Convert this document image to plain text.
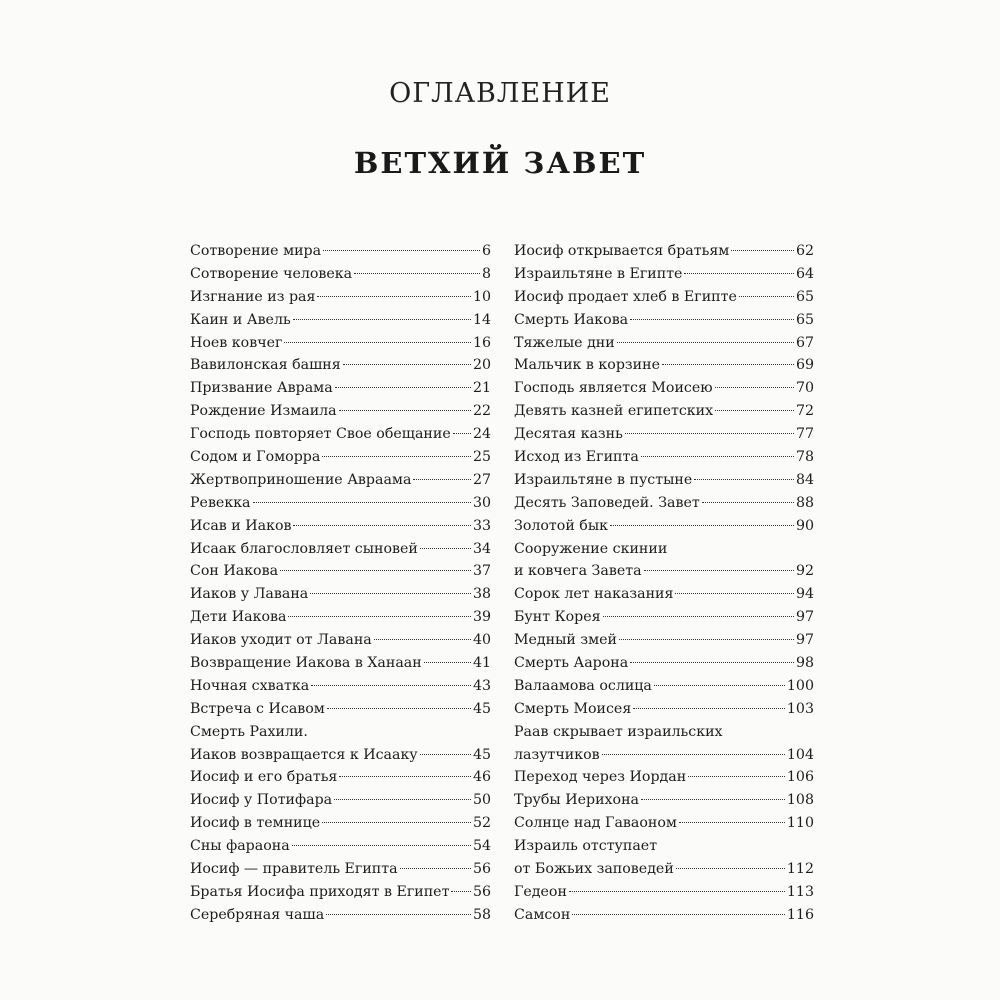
ОГЛАВЛЕНИЕ
ВЕТХИЙ ЗАВЕТ
Сотворение мира	6
Сотворение человека	8
Изгнание из рая	10
Каин и Авель	14
Ноев ковчег	16
Вавилонская башня	20
Призвание Аврама	21
Рождение Измаила	22
Господь повторяет Свое обещание 24
Содом и Гоморра	25
Жертвоприношение Авраама	27
Ревекка	30
Исав и Иаков	33
Исаак благословляет сыновей	34
Сон Иакова	37
Иаков у Лавана	38
Дети Иакова	39
Иаков уходит от Лавана	40
Возвращение Иакова в Ханаан	41
Ночная схватка	43
Встреча с Исавом	45
Смерть Рахили.
Иаков возвращается к Исааку	45
Иосиф и его братья	46
Иосиф у Потифара	50
Иосиф в темнице	52
Сны фараона	54
Иосиф — правитель Египта	56
Братья Иосифа приходят в Египет 56
Серебряная чаша	58
Иосиф открывается братьям	62
Израильтяне в Египте	64
Иосиф продает хлеб в Египте	65
Смерть Иакова	65
Тяжелые дни	67
Мальчик в корзине	69
Господь является Моисею	70
Девять казней египетских	72
Десятая казнь	77
Исход из Египта	78
Израильтяне в пустыне	84
Десять Заповедей. Завет	88
Золотой бык	90
Сооружение скинии
и ковчега Завета	92
Сорок лет наказания	94
Бунт Корея	97
Медный змей	97
Смерть Аарона	98
Валаамова ослица	100
Смерть Моисея	103
Раав скрывает израильских
лазутчиков	104
Переход через Иордан	106
Трубы Иерихона	108
Солнце над Гаваоном	110
Израиль отступает
от Божьих заповедей	112
Гедеон	113
Самсон	116
